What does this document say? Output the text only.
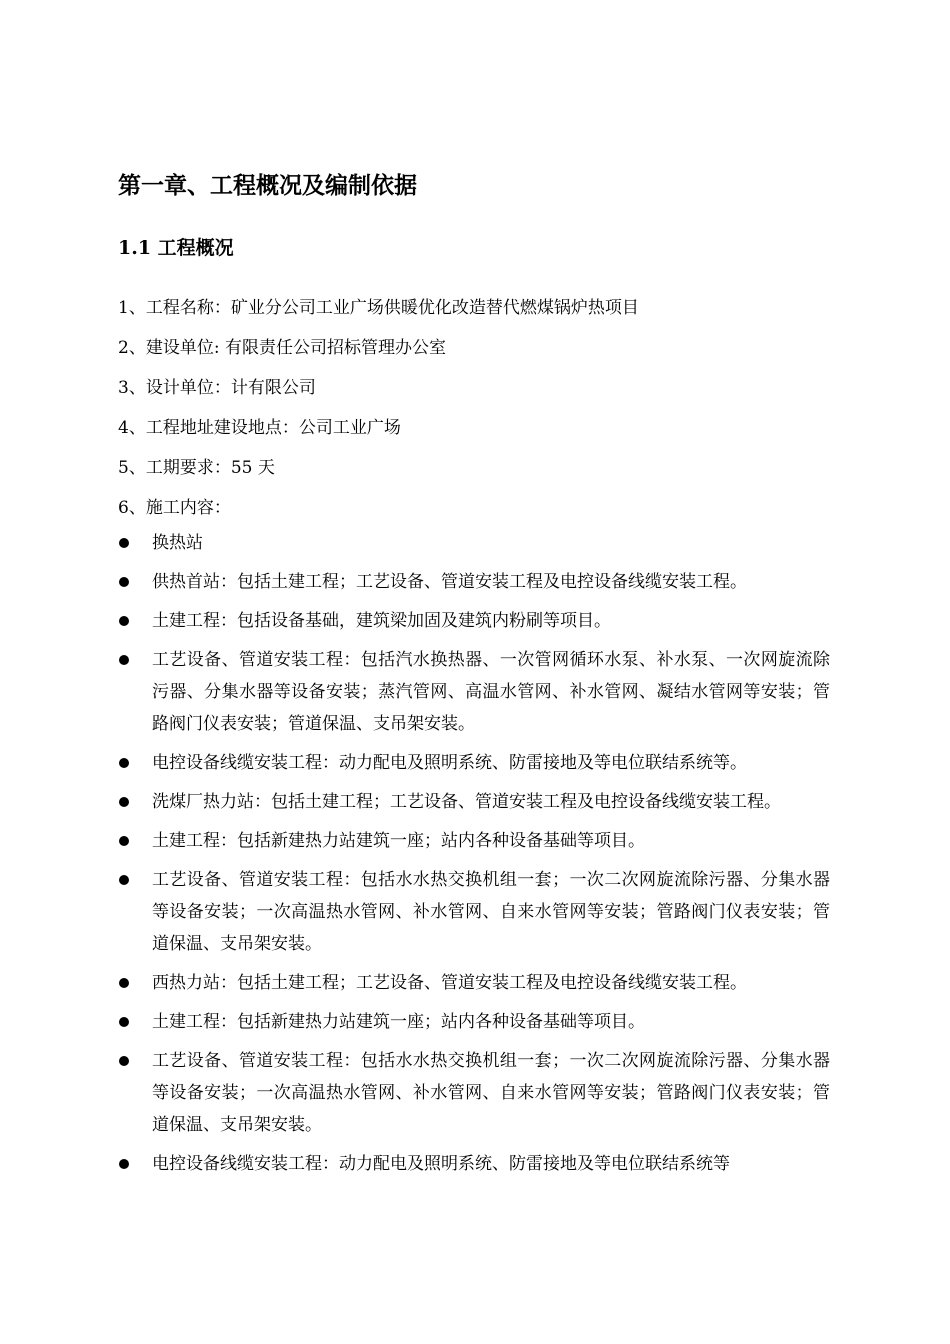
第一章、工程概况及编制依据
1.1 工程概况
1、工程名称：矿业分公司工业广场供暖优化改造替代燃煤锅炉热项目
2、建设单位: 有限责任公司招标管理办公室
3、设计单位：计有限公司
4、工程地址建设地点：公司工业广场
5、工期要求：55 天
6、施工内容：
换热站
供热首站：包括土建工程；工艺设备、管道安装工程及电控设备线缆安装工程。
土建工程：包括设备基础，建筑梁加固及建筑内粉刷等项目。
工艺设备、管道安装工程：包括汽水换热器、一次管网循环水泵、补水泵、一次网旋流除污器、分集水器等设备安装；蒸汽管网、高温水管网、补水管网、凝结水管网等安装；管路阀门仪表安装；管道保温、支吊架安装。
电控设备线缆安装工程：动力配电及照明系统、防雷接地及等电位联结系统等。
洗煤厂热力站：包括土建工程；工艺设备、管道安装工程及电控设备线缆安装工程。
土建工程：包括新建热力站建筑一座；站内各种设备基础等项目。
工艺设备、管道安装工程：包括水水热交换机组一套；一次二次网旋流除污器、分集水器等设备安装；一次高温热水管网、补水管网、自来水管网等安装；管路阀门仪表安装；管道保温、支吊架安装。
西热力站：包括土建工程；工艺设备、管道安装工程及电控设备线缆安装工程。
土建工程：包括新建热力站建筑一座；站内各种设备基础等项目。
工艺设备、管道安装工程：包括水水热交换机组一套；一次二次网旋流除污器、分集水器等设备安装；一次高温热水管网、补水管网、自来水管网等安装；管路阀门仪表安装；管道保温、支吊架安装。
电控设备线缆安装工程：动力配电及照明系统、防雷接地及等电位联结系统等
